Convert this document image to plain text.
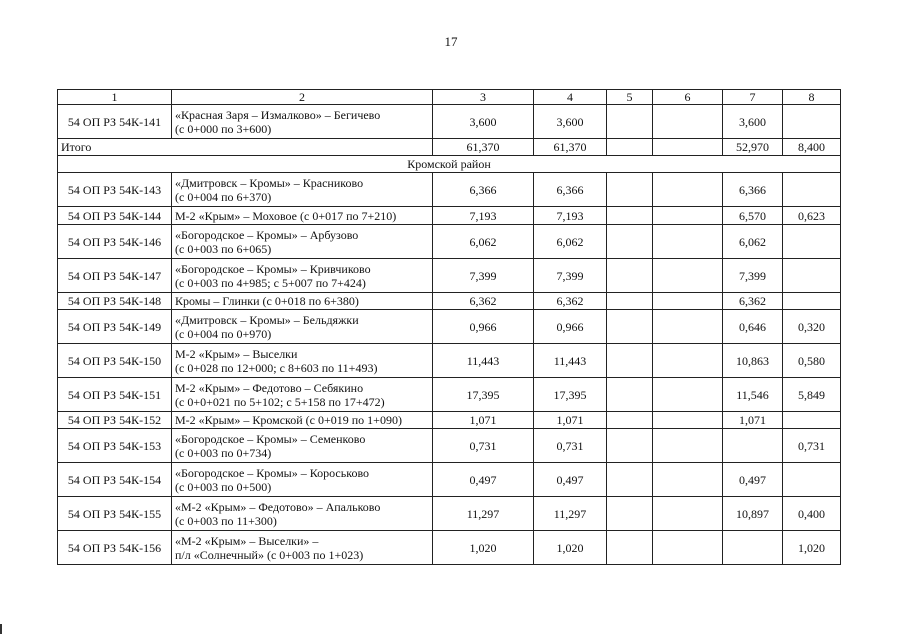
17
1	2	3	4	5	6	7	8
54 ОП РЗ 54К-141	«Красная Заря – Измалково» – Бегичево
(с 0+000 по 3+600)	3,600	3,600			3,600	
Итого		61,370	61,370			52,970	8,400
Кромской район							
54 ОП РЗ 54К-143	«Дмитровск – Кромы» – Красниково
(с 0+004 по 6+370)	6,366	6,366			6,366	
54 ОП РЗ 54К-144	М-2 «Крым» – Моховое (с 0+017 по 7+210)	7,193	7,193			6,570	0,623
54 ОП РЗ 54К-146	«Богородское – Кромы» – Арбузово
(с 0+003 по 6+065)	6,062	6,062			6,062	
54 ОП РЗ 54К-147	«Богородское – Кромы» – Кривчиково
(с 0+003 по 4+985; с 5+007 по 7+424)	7,399	7,399			7,399	
54 ОП РЗ 54К-148	Кромы – Глинки (с 0+018 по 6+380)	6,362	6,362			6,362	
54 ОП РЗ 54К-149	«Дмитровск – Кромы» – Бельдяжки
(с 0+004 по 0+970)	0,966	0,966			0,646	0,320
54 ОП РЗ 54К-150	М-2 «Крым» – Выселки
(с 0+028 по 12+000; с 8+603 по 11+493)	11,443	11,443			10,863	0,580
54 ОП РЗ 54К-151	М-2 «Крым» – Федотово – Себякино
(с 0+0+021 по 5+102; с 5+158 по 17+472)	17,395	17,395			11,546	5,849
54 ОП РЗ 54К-152	М-2 «Крым» – Кромской (с 0+019 по 1+090)	1,071	1,071			1,071	
54 ОП РЗ 54К-153	«Богородское – Кромы» – Семенково
(с 0+003 по 0+734)	0,731	0,731				0,731
54 ОП РЗ 54К-154	«Богородское – Кромы» – Короськово
(с 0+003 по 0+500)	0,497	0,497			0,497	
54 ОП РЗ 54К-155	«М-2 «Крым» – Федотово» – Апальково
(с 0+003 по 11+300)	11,297	11,297			10,897	0,400
54 ОП РЗ 54К-156	«М-2 «Крым» – Выселки» –
п/л «Солнечный» (с 0+003 по 1+023)	1,020	1,020				1,020
